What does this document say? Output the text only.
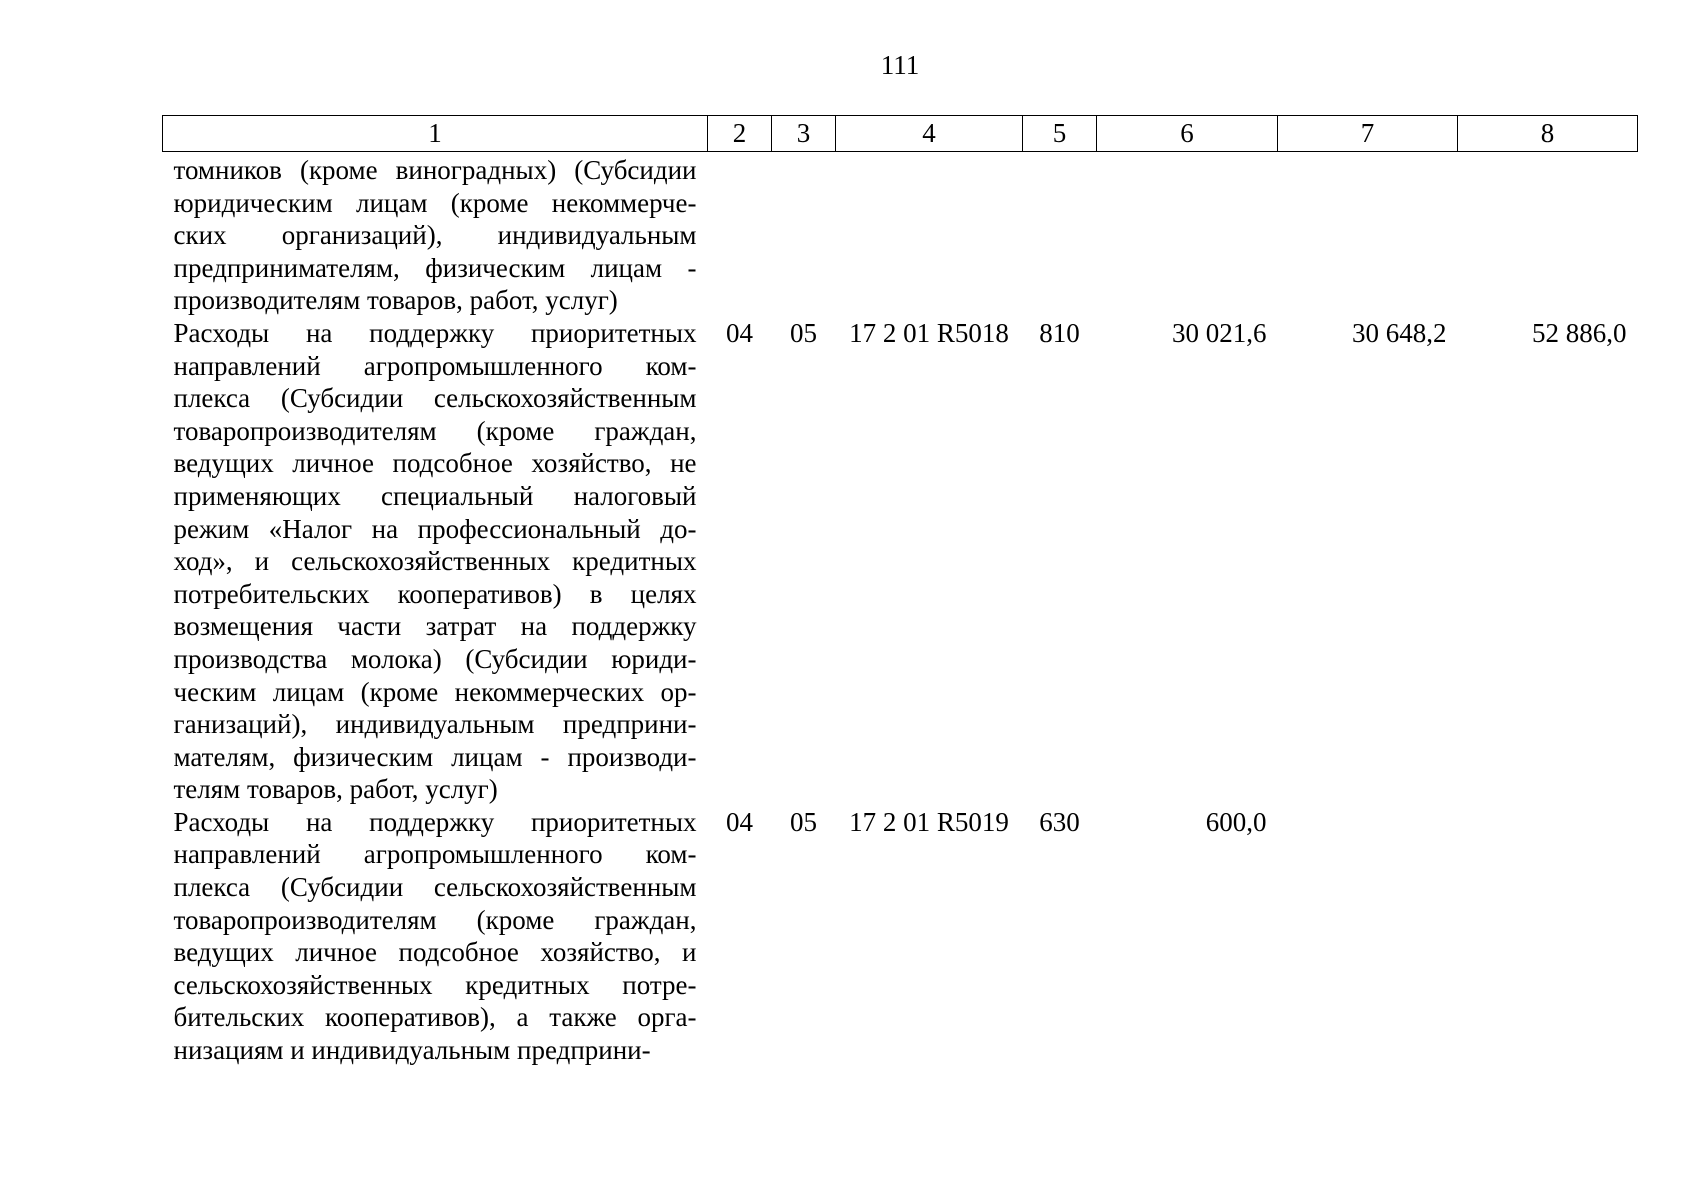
111
1	2	3	4	5	6	7	8
томников (кроме виноградных) (Субсидии юридическим лицам (кроме некоммерче- ских организаций), индивидуальным предпринимателям, физическим лицам - производителям товаров, работ, услуг)							
Расходы на поддержку приоритетных направлений агропромышленного ком- плекса (Субсидии сельскохозяйственным товаропроизводителям (кроме граждан, ведущих личное подсобное хозяйство, не применяющих специальный налоговый режим «Налог на профессиональный до- ход», и сельскохозяйственных кредитных потребительских кооперативов) в целях возмещения части затрат на поддержку производства молока) (Субсидии юриди- ческим лицам (кроме некоммерческих ор- ганизаций), индивидуальным предприни- мателям, физическим лицам - производи- телям товаров, работ, услуг)	04	05	17 2 01 R5018	810	30 021,6	30 648,2	52 886,0
Расходы на поддержку приоритетных направлений агропромышленного ком- плекса (Субсидии сельскохозяйственным товаропроизводителям (кроме граждан, ведущих личное подсобное хозяйство, и сельскохозяйственных кредитных потре- бительских кооперативов), а также орга- низациям и индивидуальным предприни-	04	05	17 2 01 R5019	630	600,0		
